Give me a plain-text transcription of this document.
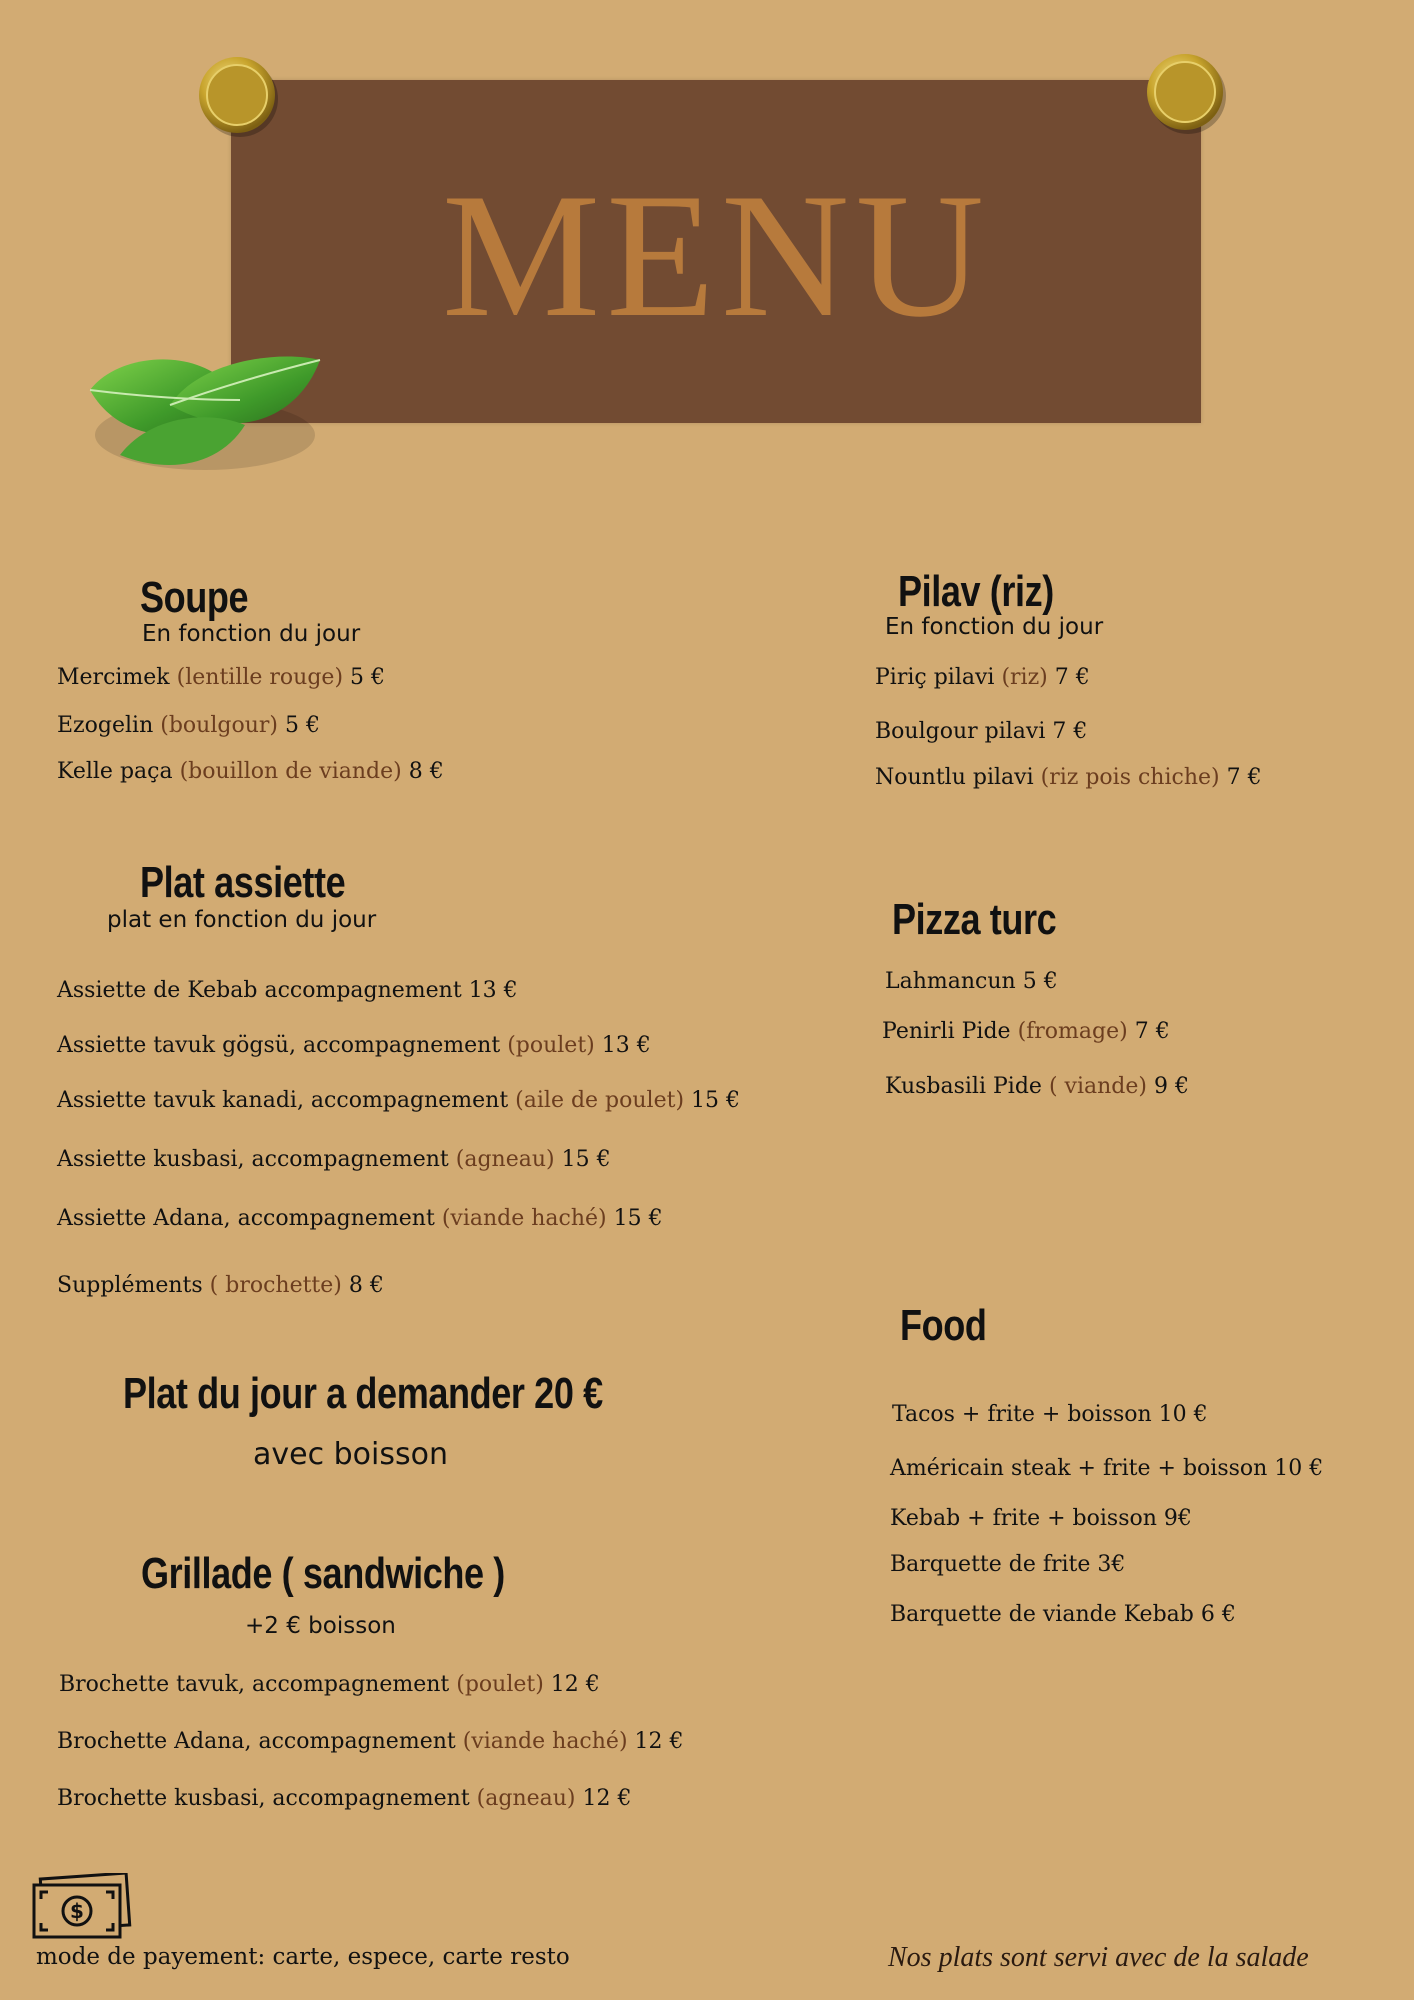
MENU
Soupe
En fonction du jour
Mercimek (lentille rouge) 5 €
Ezogelin (boulgour) 5 €
Kelle paça (bouillon de viande) 8 €
Pilav (riz)
En fonction du jour
Piriç pilavi (riz) 7 €
Boulgour pilavi 7 €
Nountlu pilavi (riz pois chiche) 7 €
Plat assiette
plat en fonction du jour
Assiette de Kebab accompagnement 13 €
Assiette tavuk gögsü, accompagnement (poulet) 13 €
Assiette tavuk kanadi, accompagnement (aile de poulet) 15 €
Assiette kusbasi, accompagnement (agneau) 15 €
Assiette Adana, accompagnement (viande haché) 15 €
Suppléments ( brochette) 8 €
Pizza turc
Lahmancun 5 €
Penirli Pide (fromage) 7 €
Kusbasili Pide ( viande) 9 €
Plat du jour a demander 20 €
avec boisson
Food
Tacos + frite + boisson 10 €
Américain steak + frite + boisson 10 €
Kebab + frite + boisson 9€
Barquette de frite 3€
Barquette de viande Kebab 6 €
Grillade ( sandwiche )
+2 € boisson
Brochette tavuk, accompagnement (poulet) 12 €
Brochette Adana, accompagnement (viande haché) 12 €
Brochette kusbasi, accompagnement (agneau) 12 €
$
mode de payement: carte, espece, carte resto	Nos plats sont servi avec de la salade
